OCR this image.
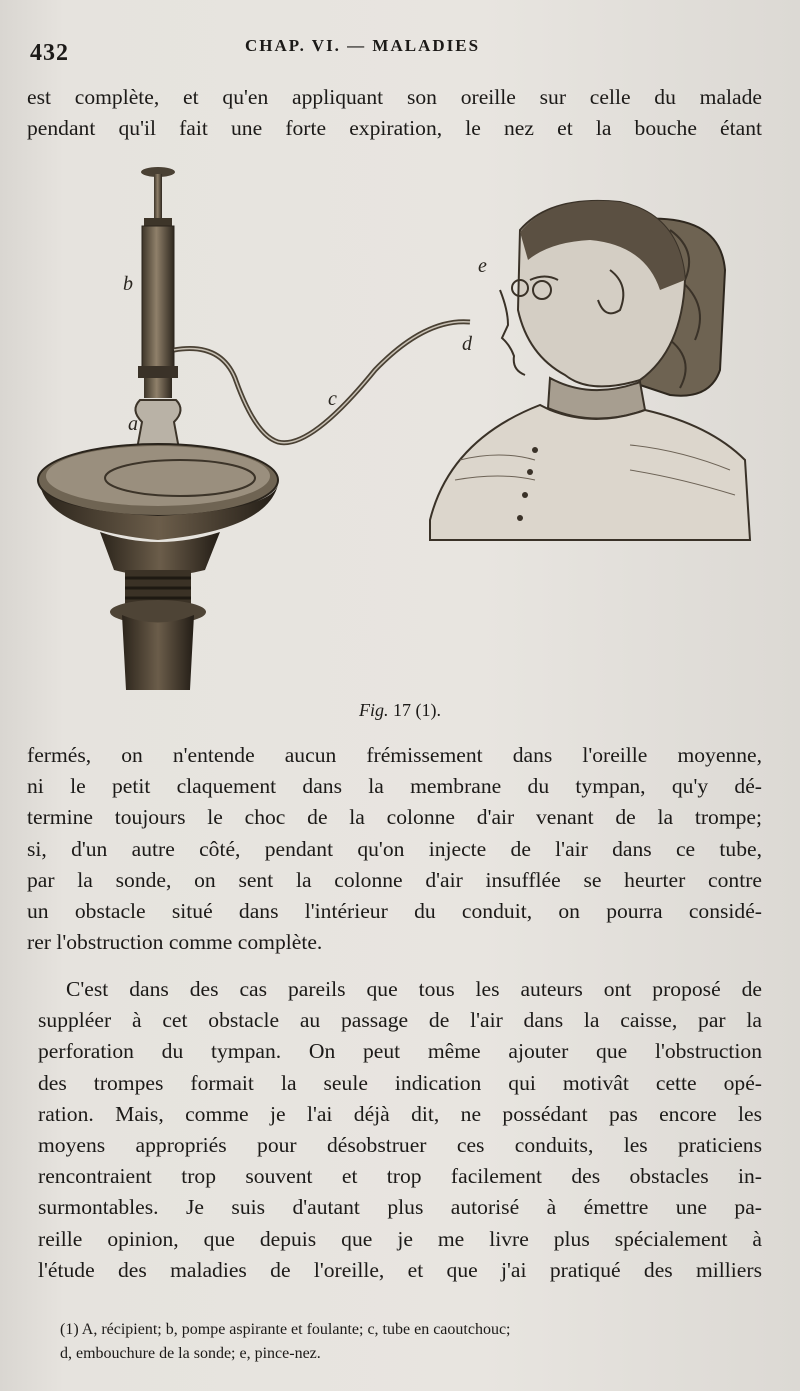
432	CHAP. VI. — MALADIES
est complète, et qu'en appliquant son oreille sur celle du malade
pendant qu'il fait une forte expiration, le nez et la bouche étant
b
a
c
d
e
Fig. 17 (1).
fermés, on n'entende aucun frémissement dans l'oreille moyenne,
ni le petit claquement dans la membrane du tympan, qu'y dé-
termine toujours le choc de la colonne d'air venant de la trompe;
si, d'un autre côté, pendant qu'on injecte de l'air dans ce tube,
par la sonde, on sent la colonne d'air insufflée se heurter contre
un obstacle situé dans l'intérieur du conduit, on pourra considé-
rer l'obstruction comme complète.
C'est dans des cas pareils que tous les auteurs ont proposé de
suppléer à cet obstacle au passage de l'air dans la caisse, par la
perforation du tympan. On peut même ajouter que l'obstruction
des trompes formait la seule indication qui motivât cette opé-
ration. Mais, comme je l'ai déjà dit, ne possédant pas encore les
moyens appropriés pour désobstruer ces conduits, les praticiens
rencontraient trop souvent et trop facilement des obstacles in-
surmontables. Je suis d'autant plus autorisé à émettre une pa-
reille opinion, que depuis que je me livre plus spécialement à
l'étude des maladies de l'oreille, et que j'ai pratiqué des milliers
(1) A, récipient; b, pompe aspirante et foulante; c, tube en caoutchouc;
d, embouchure de la sonde; e, pince-nez.
